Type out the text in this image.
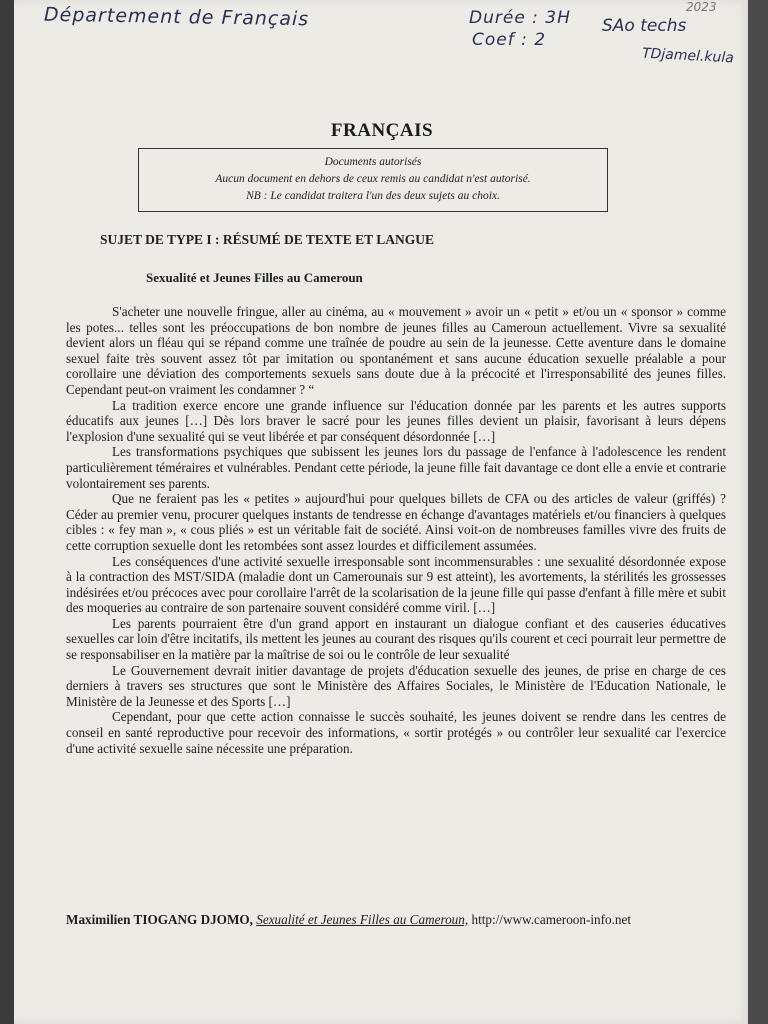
2023
Département de Français	Durée : 3H
Coef : 2
SAo techs
TDjamel.kula
FRANÇAIS
Documents autorisés
Aucun document en dehors de ceux remis au candidat n'est autorisé.
NB : Le candidat traitera l'un des deux sujets au choix.
SUJET DE TYPE I : RÉSUMÉ DE TEXTE ET LANGUE
Sexualité et Jeunes Filles au Cameroun

S'acheter une nouvelle fringue, aller au cinéma, au « mouvement » avoir un « petit » et/ou un « sponsor » comme les potes... telles sont les préoccupations de bon nombre de jeunes filles au Cameroun actuellement. Vivre sa sexualité devient alors un fléau qui se répand comme une traînée de poudre au sein de la jeunesse. Cette aventure dans le domaine sexuel faite très souvent assez tôt par imitation ou spontanément et sans aucune éducation sexuelle préalable a pour corollaire une déviation des comportements sexuels sans doute due à la précocité et l'irresponsabilité des jeunes filles. Cependant peut-on vraiment les condamner ? “

La tradition exerce encore une grande influence sur l'éducation donnée par les parents et les autres supports éducatifs aux jeunes […] Dès lors braver le sacré pour les jeunes filles devient un plaisir, favorisant à leurs dépens l'explosion d'une sexualité qui se veut libérée et par conséquent désordonnée […]

Les transformations psychiques que subissent les jeunes lors du passage de l'enfance à l'adolescence les rendent particulièrement téméraires et vulnérables. Pendant cette période, la jeune fille fait davantage ce dont elle a envie et contrarie volontairement ses parents.

Que ne feraient pas les « petites » aujourd'hui pour quelques billets de CFA ou des articles de valeur (griffés) ? Céder au premier venu, procurer quelques instants de tendresse en échange d'avantages matériels et/ou financiers à quelques cibles : « fey man », « cous pliés » est un véritable fait de société. Ainsi voit-on de nombreuses familles vivre des fruits de cette corruption sexuelle dont les retombées sont assez lourdes et difficilement assumées.

Les conséquences d'une activité sexuelle irresponsable sont incommensurables : une sexualité désordonnée expose à la contraction des MST/SIDA (maladie dont un Camerounais sur 9 est atteint), les avortements, la stérilités les grossesses indésirées et/ou précoces avec pour corollaire l'arrêt de la scolarisation de la jeune fille qui passe d'enfant à fille mère et subit des moqueries au contraire de son partenaire souvent considéré comme viril. […]

Les parents pourraient être d'un grand apport en instaurant un dialogue confiant et des causeries éducatives sexuelles car loin d'être incitatifs, ils mettent les jeunes au courant des risques qu'ils courent et ceci pourrait leur permettre de se responsabiliser en la matière par la maîtrise de soi ou le contrôle de leur sexualité

Le Gouvernement devrait initier davantage de projets d'éducation sexuelle des jeunes, de prise en charge de ces derniers à travers ses structures que sont le Ministère des Affaires Sociales, le Ministère de l'Education Nationale, le Ministère de la Jeunesse et des Sports […]

Cependant, pour que cette action connaisse le succès souhaité, les jeunes doivent se rendre dans les centres de conseil en santé reproductive pour recevoir des informations, « sortir protégés » ou contrôler leur sexualité car l'exercice d'une activité sexuelle saine nécessite une préparation.

Maximilien TIOGANG DJOMO, Sexualité et Jeunes Filles au Cameroun, http://www.cameroon-info.net
